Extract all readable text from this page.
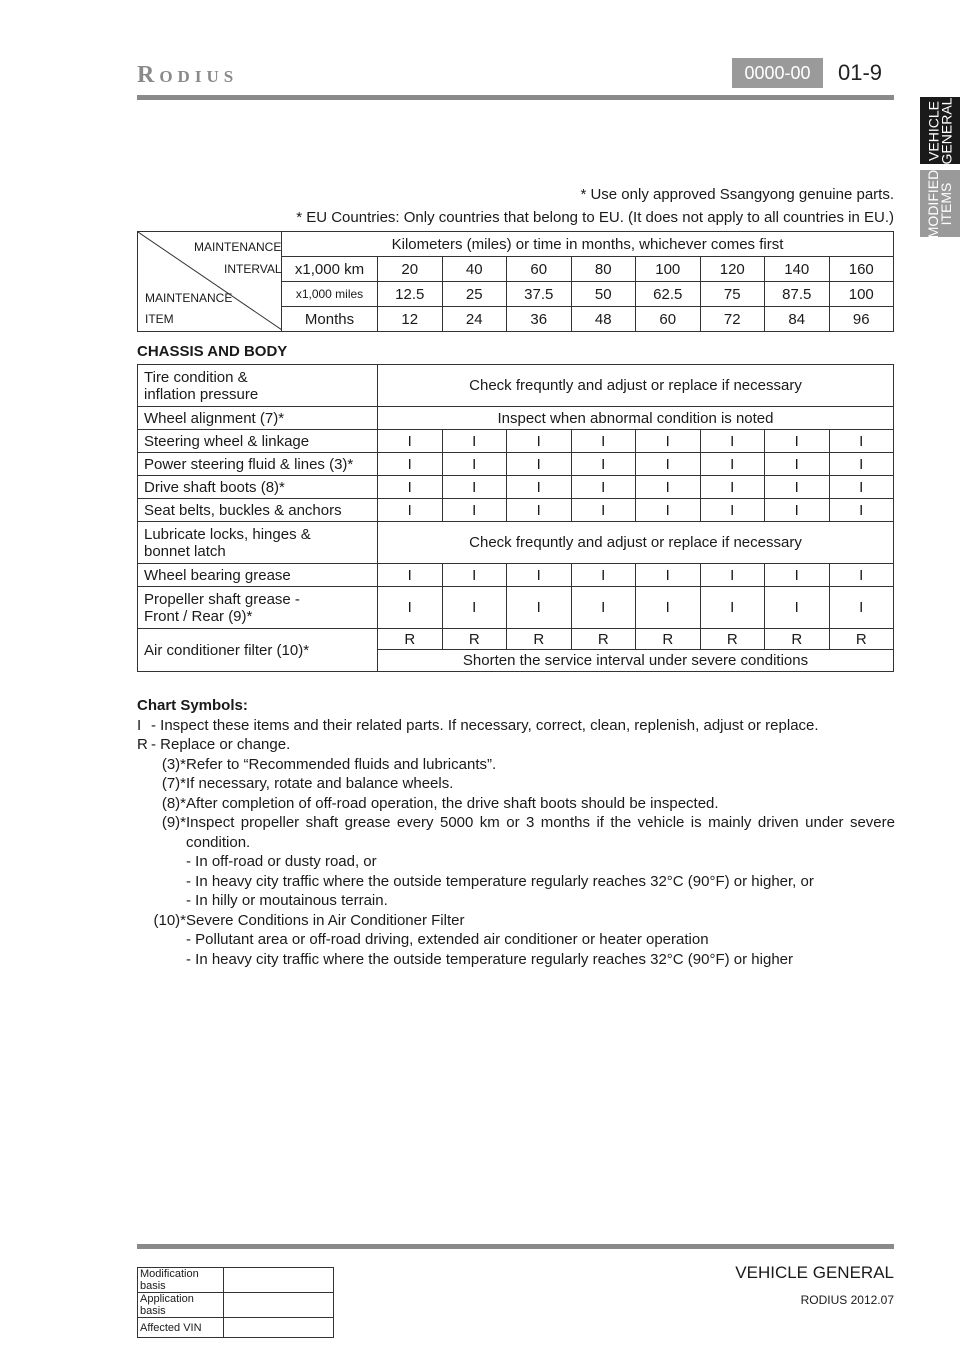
Rodius	0000-00	01-9
VEHICLE
GENERAL
MODIFIED
ITEMS
* Use only approved Ssangyong genuine parts.
* EU Countries: Only countries that belong to EU. (It does not apply to all countries in EU.)
MAINTENANCE
INTERVAL
MAINTENANCE
ITEM	Kilometers (miles) or time in months, whichever comes first								
	x1,000 km	20	40	60	80	100	120	140	160
	x1,000 miles	12.5	25	37.5	50	62.5	75	87.5	100
	Months	12	24	36	48	60	72	84	96
CHASSIS AND BODY
Tire condition &
inflation pressure	Check frequntly and adjust or replace if necessary							
Wheel alignment (7)*	Inspect when abnormal condition is noted							
Steering wheel & linkage	I	I	I	I	I	I	I	I
Power steering fluid & lines (3)*	I	I	I	I	I	I	I	I
Drive shaft boots (8)*	I	I	I	I	I	I	I	I
Seat belts, buckles & anchors	I	I	I	I	I	I	I	I
Lubricate locks, hinges &
bonnet latch	Check frequntly and adjust or replace if necessary							
Wheel bearing grease	I	I	I	I	I	I	I	I
Propeller shaft grease -
Front / Rear (9)*	I	I	I	I	I	I	I	I
Air conditioner filter (10)*	R	R	R	R	R	R	R	R
	Shorten the service interval under severe conditions							
Chart Symbols:
I - Inspect these items and their related parts. If necessary, correct, clean, replenish, adjust or replace.
R - Replace or change.
(3)* Refer to “Recommended fluids and lubricants”.
(7)* If necessary, rotate and balance wheels.
(8)* After completion of off-road operation, the drive shaft boots should be inspected.
(9)* Inspect propeller shaft grease every 5000 km or 3 months if the vehicle is mainly driven under severe condition.
- In off-road or dusty road, or
- In heavy city traffic where the outside temperature regularly reaches 32°C (90°F) or higher, or
- In hilly or moutainous terrain.
(10)* Severe Conditions in Air Conditioner Filter
- Pollutant area or off-road driving, extended air conditioner or heater operation
- In heavy city traffic where the outside temperature regularly reaches 32°C (90°F) or higher
VEHICLE GENERAL
RODIUS 2012.07
Modification basis	
Application basis	
Affected VIN	
